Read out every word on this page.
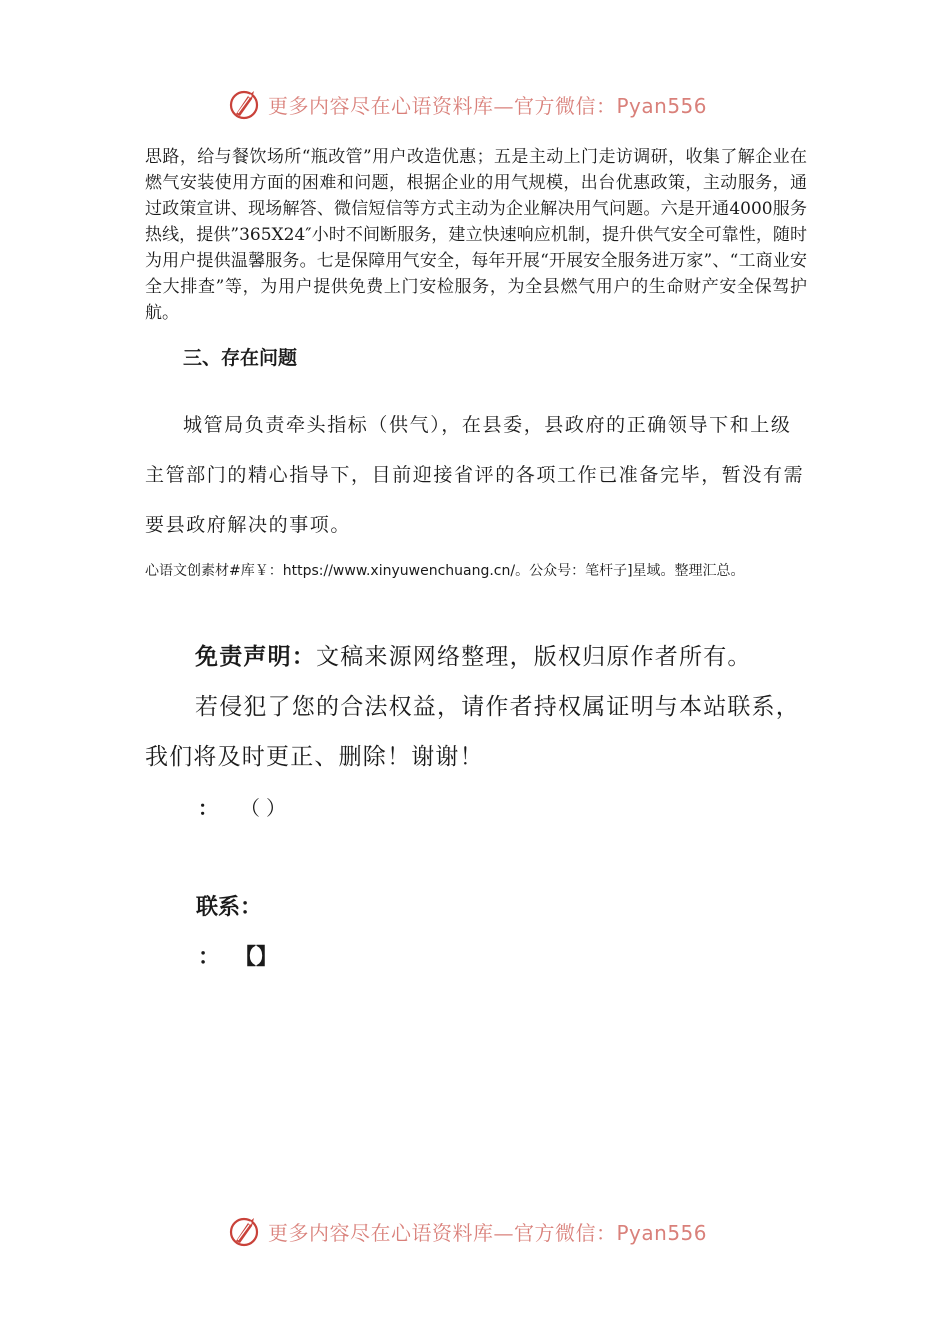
更多内容尽在心语资料库—官方微信：Pyan556

思路，给与餐饮场所“瓶改管”用户改造优惠；五是主动上门走访调研，收集了解企业在燃气安装使用方面的困难和问题，根据企业的用气规模，出台优惠政策，主动服务，通过政策宣讲、现场解答、微信短信等方式主动为企业解决用气问题。六是开通4000服务热线，提供”365X24″小时不间断服务，建立快速响应机制，提升供气安全可靠性，随时为用户提供温馨服务。七是保障用气安全，每年开展“开展安全服务进万家”、“工商业安全大排查”等，为用户提供免费上门安检服务，为全县燃气用户的生命财产安全保驾护航。

三、存在问题

城管局负责牵头指标（供气），在县委，县政府的正确领导下和上级主管部门的精心指导下，目前迎接省评的各项工作已准备完毕，暂没有需要县政府解决的事项。

心语文创素材#库￥：https://www.xinyuwenchuang.cn/。公众号：笔杆子]星域。整理汇总。

免责声明：文稿来源网络整理，版权归原作者所有。
若侵犯了您的合法权益，请作者持权属证明与本站联系，我们将及时更正、删除！谢谢！
： （）
联系：
： 【】
更多内容尽在心语资料库—官方微信：Pyan556
